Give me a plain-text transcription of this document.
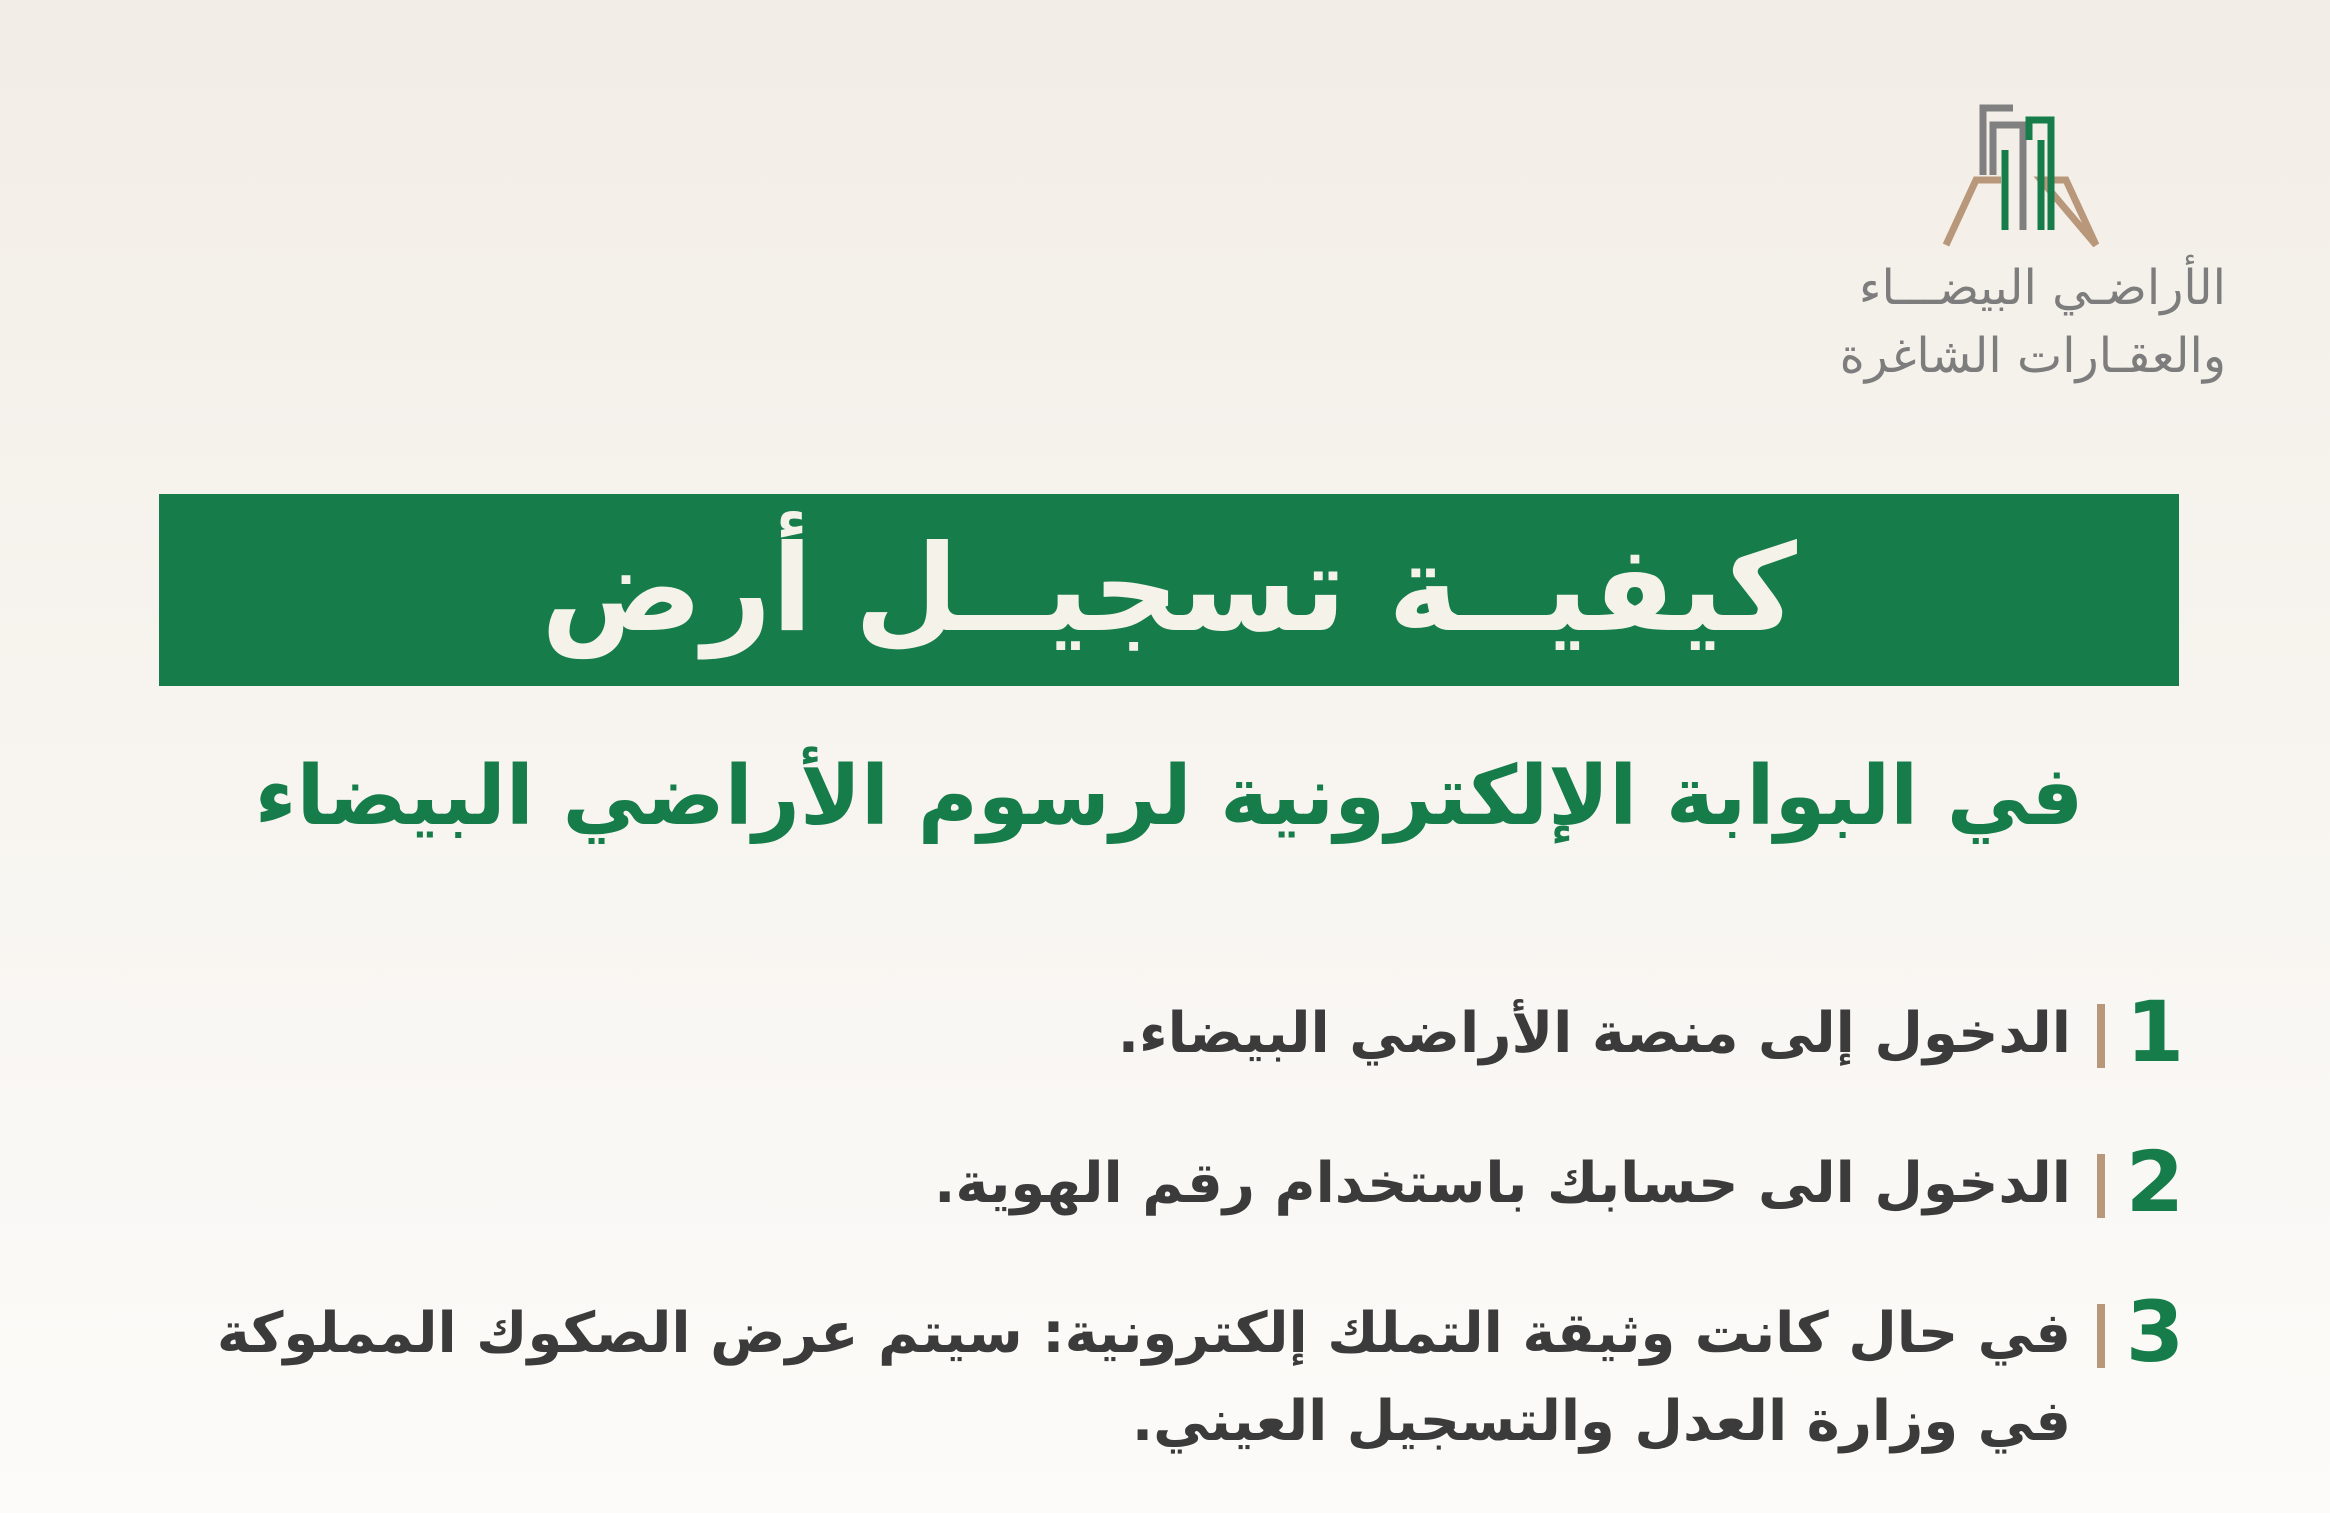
الأراضـي البيضـــاء
والعقـارات الشاغرة
كيفيــة تسجيــل أرض
في البوابة الإلكترونية لرسوم الأراضي البيضاء
1
الدخول إلى منصة الأراضي البيضاء.
2
الدخول الى حسابك باستخدام رقم الهوية.
3
في حال كانت وثيقة التملك إلكترونية: سيتم عرض الصكوك المملوكة في وزارة العدل والتسجيل العيني.
